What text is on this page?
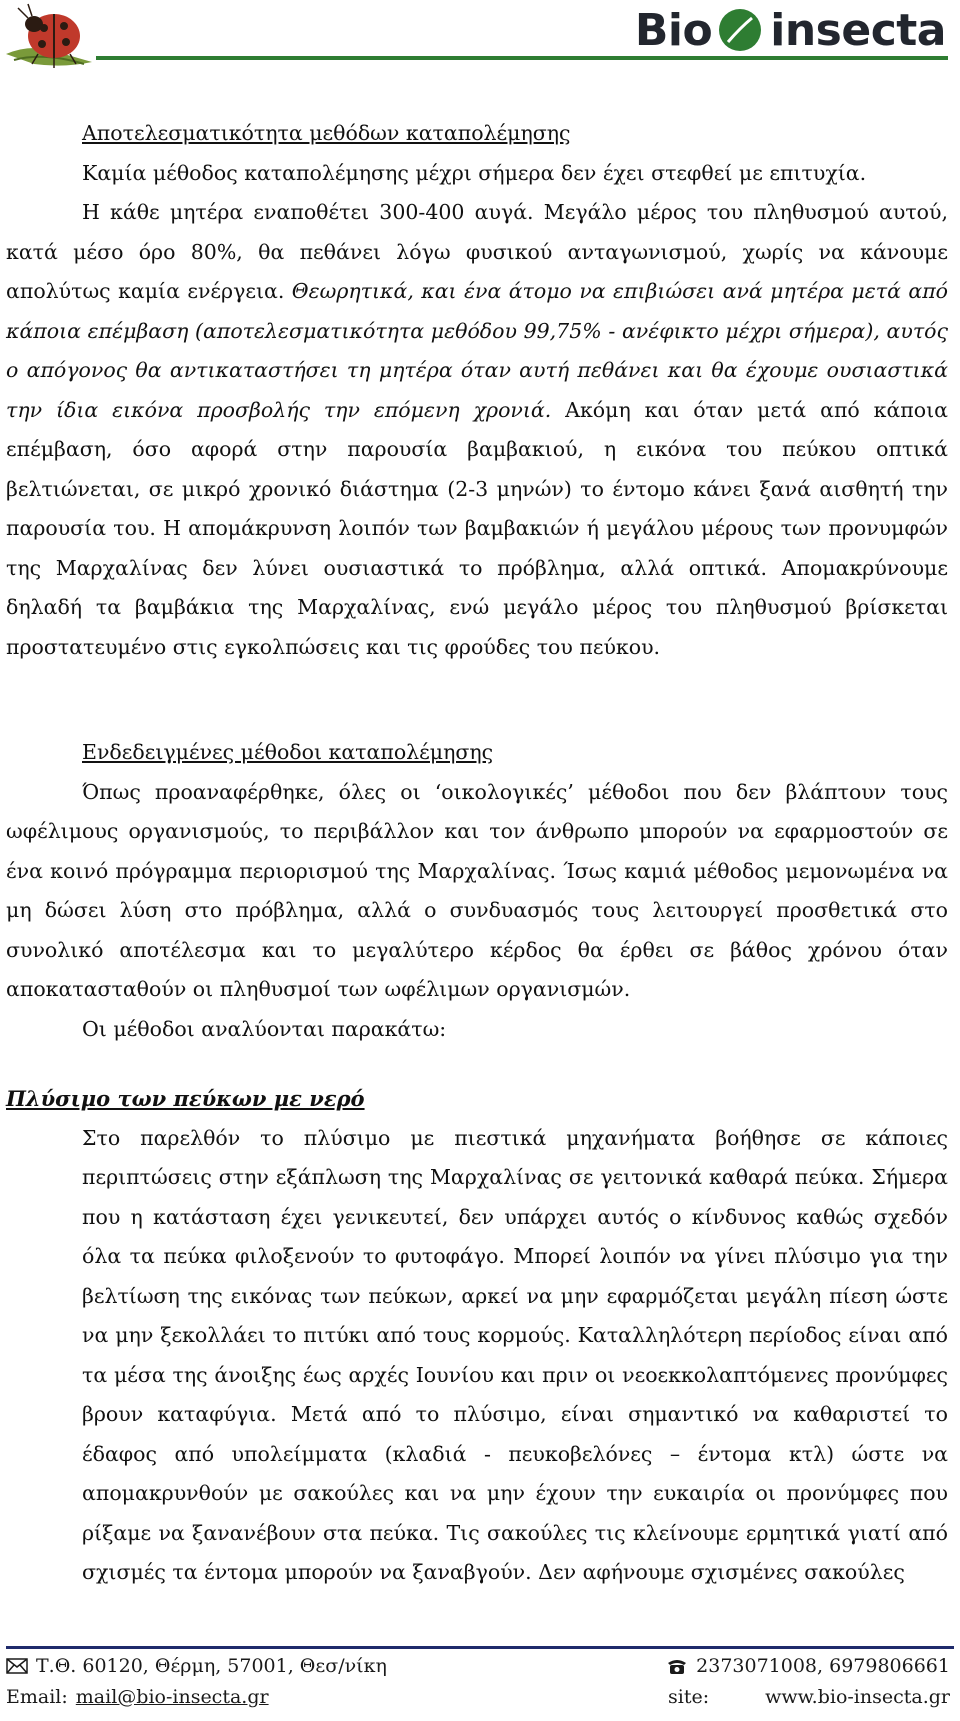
Bio insecta
Αποτελεσματικότητα μεθόδων καταπολέμησης

Καμία μέθοδος καταπολέμησης μέχρι σήμερα δεν έχει στεφθεί με επιτυχία.

Η κάθε μητέρα εναποθέτει 300-400 αυγά. Μεγάλο μέρος του πληθυσμού αυτού, κατά μέσο όρο 80%, θα πεθάνει λόγω φυσικού ανταγωνισμού, χωρίς να κάνουμε απολύτως καμία ενέργεια. Θεωρητικά, και ένα άτομο να επιβιώσει ανά μητέρα μετά από κάποια επέμβαση (αποτελεσματικότητα μεθόδου 99,75% - ανέφικτο μέχρι σήμερα), αυτός ο απόγονος θα αντικαταστήσει τη μητέρα όταν αυτή πεθάνει και θα έχουμε ουσιαστικά την ίδια εικόνα προσβολής την επόμενη χρονιά. Ακόμη και όταν μετά από κάποια επέμβαση, όσο αφορά στην παρουσία βαμβακιού, η εικόνα του πεύκου οπτικά βελτιώνεται, σε μικρό χρονικό διάστημα (2-3 μηνών) το έντομο κάνει ξανά αισθητή την παρουσία του. Η απομάκρυνση λοιπόν των βαμβακιών ή μεγάλου μέρους των προνυμφών της Μαρχαλίνας δεν λύνει ουσιαστικά το πρόβλημα, αλλά οπτικά. Απομακρύνουμε δηλαδή τα βαμβάκια της Μαρχαλίνας, ενώ μεγάλο μέρος του πληθυσμού βρίσκεται προστατευμένο στις εγκολπώσεις και τις φρούδες του πεύκου.

Ενδεδειγμένες μέθοδοι καταπολέμησης

Όπως προαναφέρθηκε, όλες οι ‘οικολογικές’ μέθοδοι που δεν βλάπτουν τους ωφέλιμους οργανισμούς, το περιβάλλον και τον άνθρωπο μπορούν να εφαρμοστούν σε ένα κοινό πρόγραμμα περιορισμού της Μαρχαλίνας. Ίσως καμιά μέθοδος μεμονωμένα να μη δώσει λύση στο πρόβλημα, αλλά ο συνδυασμός τους λειτουργεί προσθετικά στο συνολικό αποτέλεσμα και το μεγαλύτερο κέρδος θα έρθει σε βάθος χρόνου όταν αποκατασταθούν οι πληθυσμοί των ωφέλιμων οργανισμών.

Οι μέθοδοι αναλύονται παρακάτω:

Πλύσιμο των πεύκων με νερό

Στο παρελθόν το πλύσιμο με πιεστικά μηχανήματα βοήθησε σε κάποιες περιπτώσεις στην εξάπλωση της Μαρχαλίνας σε γειτονικά καθαρά πεύκα. Σήμερα που η κατάσταση έχει γενικευτεί, δεν υπάρχει αυτός ο κίνδυνος καθώς σχεδόν όλα τα πεύκα φιλοξενούν το φυτοφάγο. Μπορεί λοιπόν να γίνει πλύσιμο για την βελτίωση της εικόνας των πεύκων, αρκεί να μην εφαρμόζεται μεγάλη πίεση ώστε να μην ξεκολλάει το πιτύκι από τους κορμούς. Καταλληλότερη περίοδος είναι από τα μέσα της άνοιξης έως αρχές Ιουνίου και πριν οι νεοεκκολαπτόμενες προνύμφες βρουν καταφύγια. Μετά από το πλύσιμο, είναι σημαντικό να καθαριστεί το έδαφος από υπολείμματα (κλαδιά - πευκοβελόνες – έντομα κτλ) ώστε να απομακρυνθούν με σακούλες και να μην έχουν την ευκαιρία οι προνύμφες που ρίξαμε να ξανανέβουν στα πεύκα. Τις σακούλες τις κλείνουμε ερμητικά γιατί από σχισμές τα έντομα μπορούν να ξαναβγούν. Δεν αφήνουμε σχισμένες σακούλες

Τ.Θ. 60120, Θέρμη, 57001, Θεσ/νίκη	2373071008, 6979806661
Email: mail@bio-insecta.gr	site:	www.bio-insecta.gr
